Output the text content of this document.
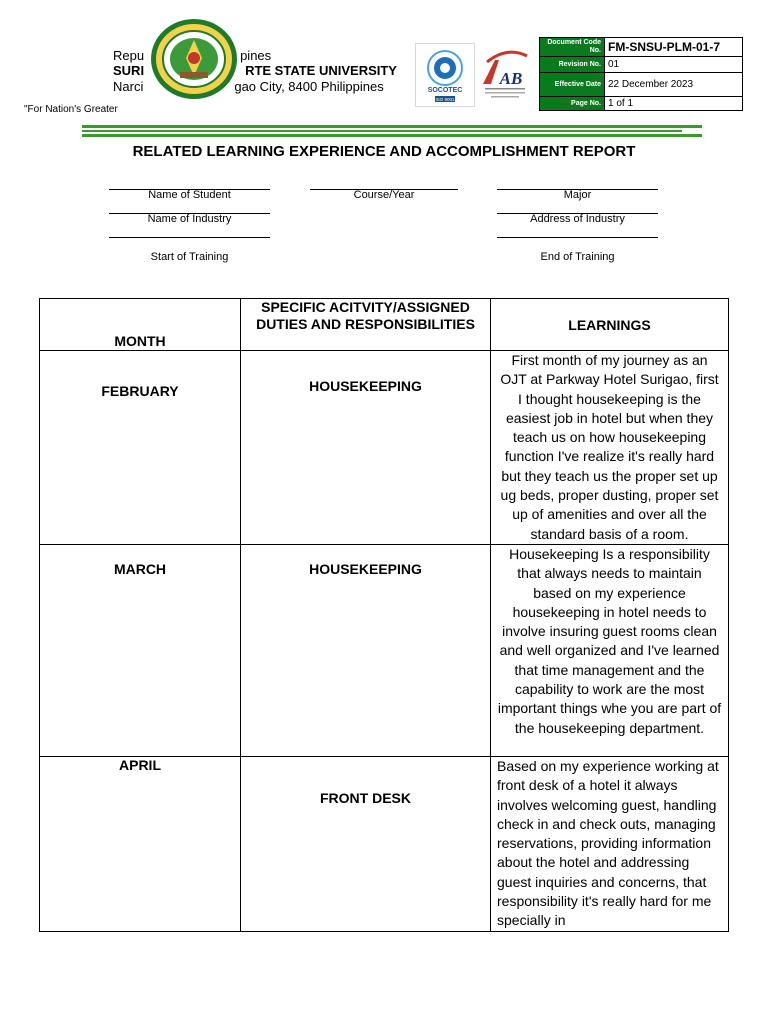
Repu	pines
SURI	RTE STATE UNIVERSITY
Narci	gao City, 8400 Philippines
"For Nation's Greater
SOCOTEC
ISO 9001
AB
Document Code No.	FM-SNSU-PLM-01-7
Revision No.	01
Effective Date	22 December 2023
Page No.	1 of 1
RELATED LEARNING EXPERIENCE AND ACCOMPLISHMENT REPORT
Name of Student	Course/Year	Major
Name of Industry	Address of Industry
Start of Training	End of Training
MONTH	SPECIFIC ACITVITY/ASSIGNED DUTIES AND RESPONSIBILITIES	LEARNINGS
FEBRUARY	HOUSEKEEPING	First month of my journey as an OJT at Parkway Hotel Surigao, first I thought housekeeping is the easiest job in hotel but when they teach us on how housekeeping function I've realize it's really hard but they teach us the proper set up ug beds, proper dusting, proper set up of amenities and over all the standard basis of a room.
MARCH	HOUSEKEEPING	Housekeeping Is a responsibility that always needs to maintain based on my experience housekeeping in hotel needs to involve insuring guest rooms clean and well organized and I've learned that time management and the capability to work are the most important things whe you are part of the housekeeping department.
APRIL	FRONT DESK	Based on my experience working at front desk of a hotel it always involves welcoming guest, handling check in and check outs, managing reservations, providing information about the hotel and addressing guest inquiries and concerns, that responsibility it's really hard for me specially in
